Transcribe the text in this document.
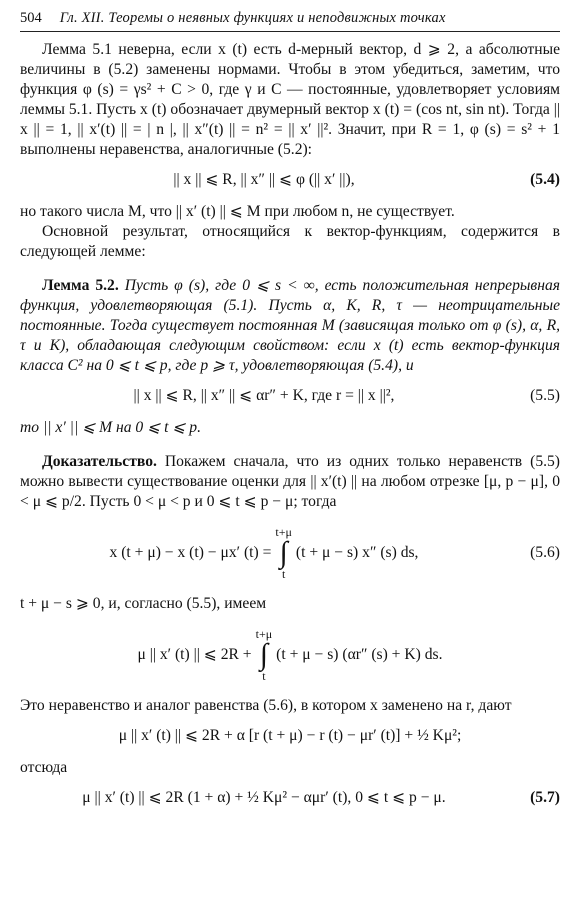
504 Гл. XII. Теоремы о неявных функциях и неподвижных точках

Лемма 5.1 неверна, если x (t) есть d-мерный вектор, d ⩾ 2, а абсолютные величины в (5.2) заменены нормами. Чтобы в этом убедиться, заметим, что функция φ (s) = γs² + C > 0, где γ и C — постоянные, удовлетворяет условиям леммы 5.1. Пусть x (t) обозначает двумерный вектор x (t) = (cos nt, sin nt). Тогда || x || = 1, || x′(t) || = | n |, || x″(t) || = n² = || x′ ||². Значит, при R = 1, φ (s) = s² + 1 выполнены неравенства, аналогичные (5.2):

|| x || ⩽ R, || x″ || ⩽ φ (|| x′ ||),	(5.4)

но такого числа M, что || x′ (t) || ⩽ M при любом n, не существует.

Основной результат, относящийся к вектор-функциям, содержится в следующей лемме:

Лемма 5.2. Пусть φ (s), где 0 ⩽ s < ∞, есть положительная непрерывная функция, удовлетворяющая (5.1). Пусть α, K, R, τ — неотрицательные постоянные. Тогда существует постоянная M (зависящая только от φ (s), α, R, τ и K), обладающая следующим свойством: если x (t) есть вектор-функция класса C² на 0 ⩽ t ⩽ p, где p ⩾ τ, удовлетворяющая (5.4), и

|| x || ⩽ R, || x″ || ⩽ αr″ + K, где r = || x ||²,	(5.5)

то || x′ || ⩽ M на 0 ⩽ t ⩽ p.

Доказательство. Покажем сначала, что из одних только неравенств (5.5) можно вывести существование оценки для || x′(t) || на любом отрезке [μ, p − μ], 0 < μ ⩽ p/2. Пусть 0 < μ < p и 0 ⩽ t ⩽ p − μ; тогда

x (t + μ) − x (t) − μx′ (t) =
t+μ
∫
t
(t + μ − s) x″ (s) ds,	(5.6)

t + μ − s ⩾ 0, и, согласно (5.5), имеем

μ || x′ (t) || ⩽ 2R +
t+μ
∫
t
(t + μ − s) (αr″ (s) + K) ds.

Это неравенство и аналог равенства (5.6), в котором x заменено на r, дают

μ || x′ (t) || ⩽ 2R + α [r (t + μ) − r (t) − μr′ (t)] + ½ Kμ²;

отсюда

μ || x′ (t) || ⩽ 2R (1 + α) + ½ Kμ² − αμr′ (t), 0 ⩽ t ⩽ p − μ.	(5.7)
